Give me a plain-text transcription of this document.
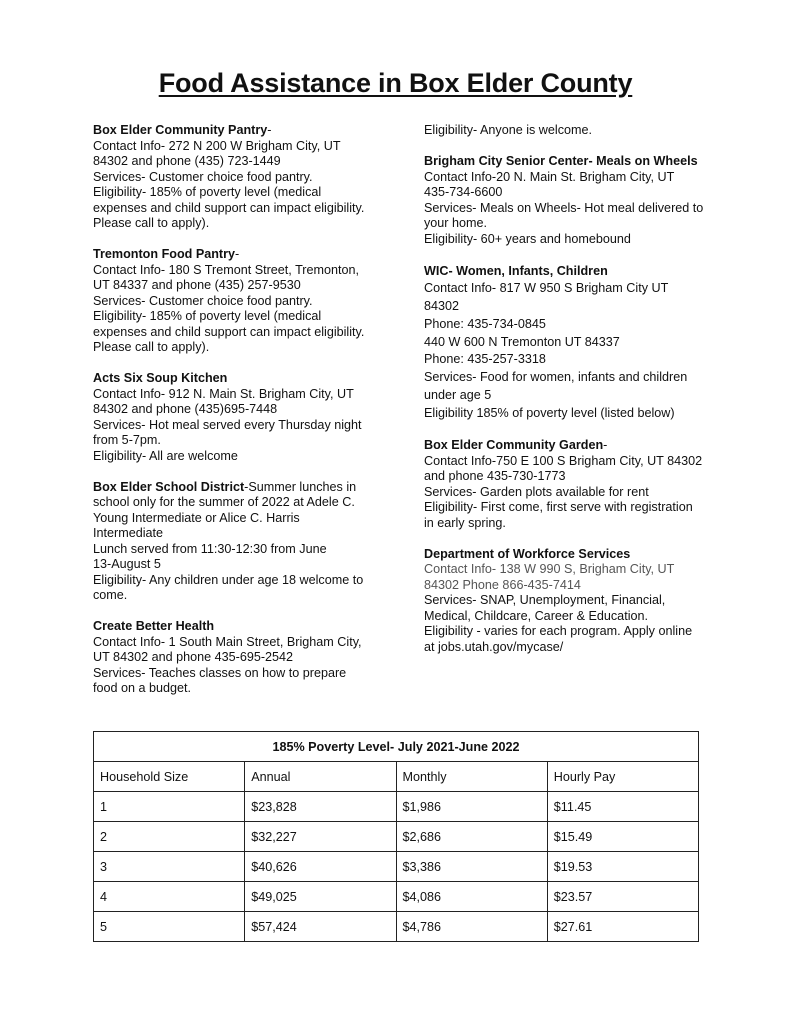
Food Assistance in Box Elder County
Box Elder Community Pantry-
Contact Info- 272 N 200 W Brigham City, UT
84302 and phone (435) 723-1449
Services- Customer choice food pantry.
Eligibility- 185% of poverty level (medical
expenses and child support can impact eligibility.
Please call to apply).
Tremonton Food Pantry-
Contact Info- 180 S Tremont Street, Tremonton,
UT 84337 and phone (435) 257-9530
Services- Customer choice food pantry.
Eligibility- 185% of poverty level (medical
expenses and child support can impact eligibility.
Please call to apply).
Acts Six Soup Kitchen
Contact Info- 912 N. Main St. Brigham City, UT
84302 and phone (435)695-7448
Services- Hot meal served every Thursday night
from 5-7pm.
Eligibility- All are welcome
Box Elder School District-Summer lunches in
school only for the summer of 2022 at Adele C.
Young Intermediate or Alice C. Harris
Intermediate
Lunch served from 11:30-12:30 from June
13-August 5
Eligibility- Any children under age 18 welcome to
come.
Create Better Health
Contact Info- 1 South Main Street, Brigham City,
UT 84302 and phone 435-695-2542
Services- Teaches classes on how to prepare
food on a budget.
Eligibility- Anyone is welcome.
Brigham City Senior Center- Meals on Wheels
Contact Info-20 N. Main St. Brigham City, UT
435-734-6600
Services- Meals on Wheels- Hot meal delivered to
your home.
Eligibility- 60+ years and homebound
WIC- Women, Infants, Children
Contact Info- 817 W 950 S Brigham City UT
84302
Phone: 435-734-0845
440 W 600 N Tremonton UT 84337
Phone: 435-257-3318
Services- Food for women, infants and children
under age 5
Eligibility 185% of poverty level (listed below)
Box Elder Community Garden-
Contact Info-750 E 100 S Brigham City, UT 84302
and phone 435-730-1773
Services- Garden plots available for rent
Eligibility- First come, first serve with registration
in early spring.
Department of Workforce Services
Contact Info- 138 W 990 S, Brigham City, UT
84302 Phone 866-435-7414
Services- SNAP, Unemployment, Financial,
Medical, Childcare, Career & Education.
Eligibility - varies for each program. Apply online
at jobs.utah.gov/mycase/
185% Poverty Level- July 2021-June 2022			
Household Size	Annual	Monthly	Hourly Pay
1	$23,828	$1,986	$11.45
2	$32,227	$2,686	$15.49
3	$40,626	$3,386	$19.53
4	$49,025	$4,086	$23.57
5	$57,424	$4,786	$27.61
